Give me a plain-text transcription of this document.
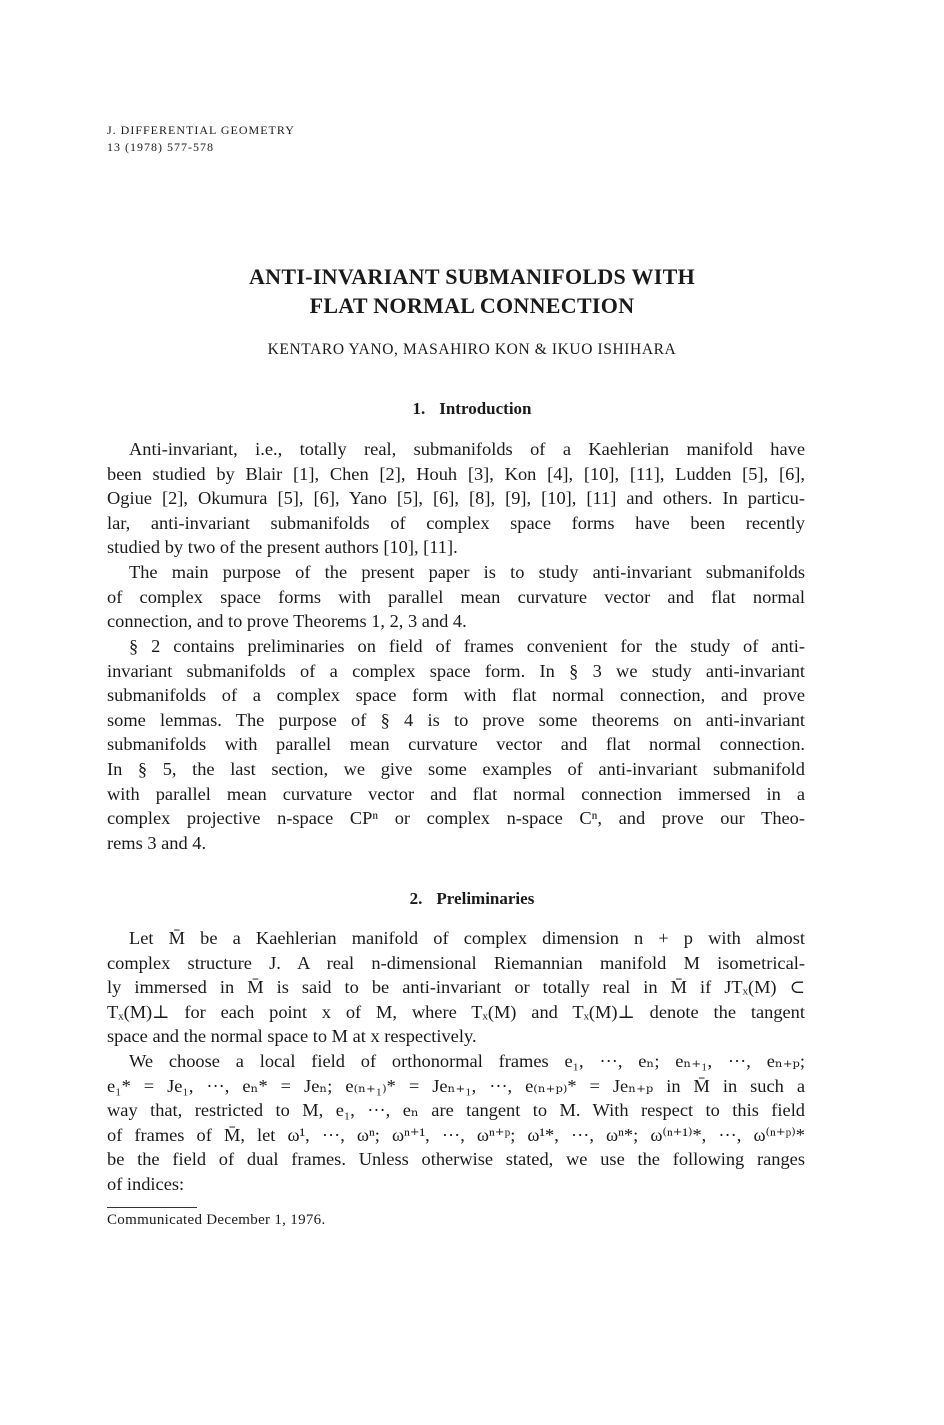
J. DIFFERENTIAL GEOMETRY
13 (1978) 577-578
ANTI-INVARIANT SUBMANIFOLDS WITH
FLAT NORMAL CONNECTION
KENTARO YANO, MASAHIRO KON & IKUO ISHIHARA
1. Introduction
Anti-invariant, i.e., totally real, submanifolds of a Kaehlerian manifold have
been studied by Blair [1], Chen [2], Houh [3], Kon [4], [10], [11], Ludden [5], [6],
Ogiue [2], Okumura [5], [6], Yano [5], [6], [8], [9], [10], [11] and others. In particu-
lar, anti-invariant submanifolds of complex space forms have been recently
studied by two of the present authors [10], [11].
The main purpose of the present paper is to study anti-invariant submanifolds
of complex space forms with parallel mean curvature vector and flat normal
connection, and to prove Theorems 1, 2, 3 and 4.
§ 2 contains preliminaries on field of frames convenient for the study of anti-
invariant submanifolds of a complex space form. In § 3 we study anti-invariant
submanifolds of a complex space form with flat normal connection, and prove
some lemmas. The purpose of § 4 is to prove some theorems on anti-invariant
submanifolds with parallel mean curvature vector and flat normal connection.
In § 5, the last section, we give some examples of anti-invariant submanifold
with parallel mean curvature vector and flat normal connection immersed in a
complex projective n-space CPⁿ or complex n-space Cⁿ, and prove our Theo-
rems 3 and 4.
2. Preliminaries
Let M̄ be a Kaehlerian manifold of complex dimension n + p with almost
complex structure J. A real n-dimensional Riemannian manifold M isometrical-
ly immersed in M̄ is said to be anti-invariant or totally real in M̄ if JTₓ(M) ⊂
Tₓ(M)⊥ for each point x of M, where Tₓ(M) and Tₓ(M)⊥ denote the tangent
space and the normal space to M at x respectively.
We choose a local field of orthonormal frames e₁, ···, eₙ; eₙ₊₁, ···, eₙ₊ₚ;
e₁* = Je₁, ···, eₙ* = Jeₙ; e₍ₙ₊₁₎* = Jeₙ₊₁, ···, e₍ₙ₊ₚ₎* = Jeₙ₊ₚ in M̄ in such a
way that, restricted to M, e₁, ···, eₙ are tangent to M. With respect to this field
of frames of M̄, let ω¹, ···, ωⁿ; ωⁿ⁺¹, ···, ωⁿ⁺ᵖ; ω¹*, ···, ωⁿ*; ω⁽ⁿ⁺¹⁾*, ···, ω⁽ⁿ⁺ᵖ⁾*
be the field of dual frames. Unless otherwise stated, we use the following ranges
of indices:
Communicated December 1, 1976.
